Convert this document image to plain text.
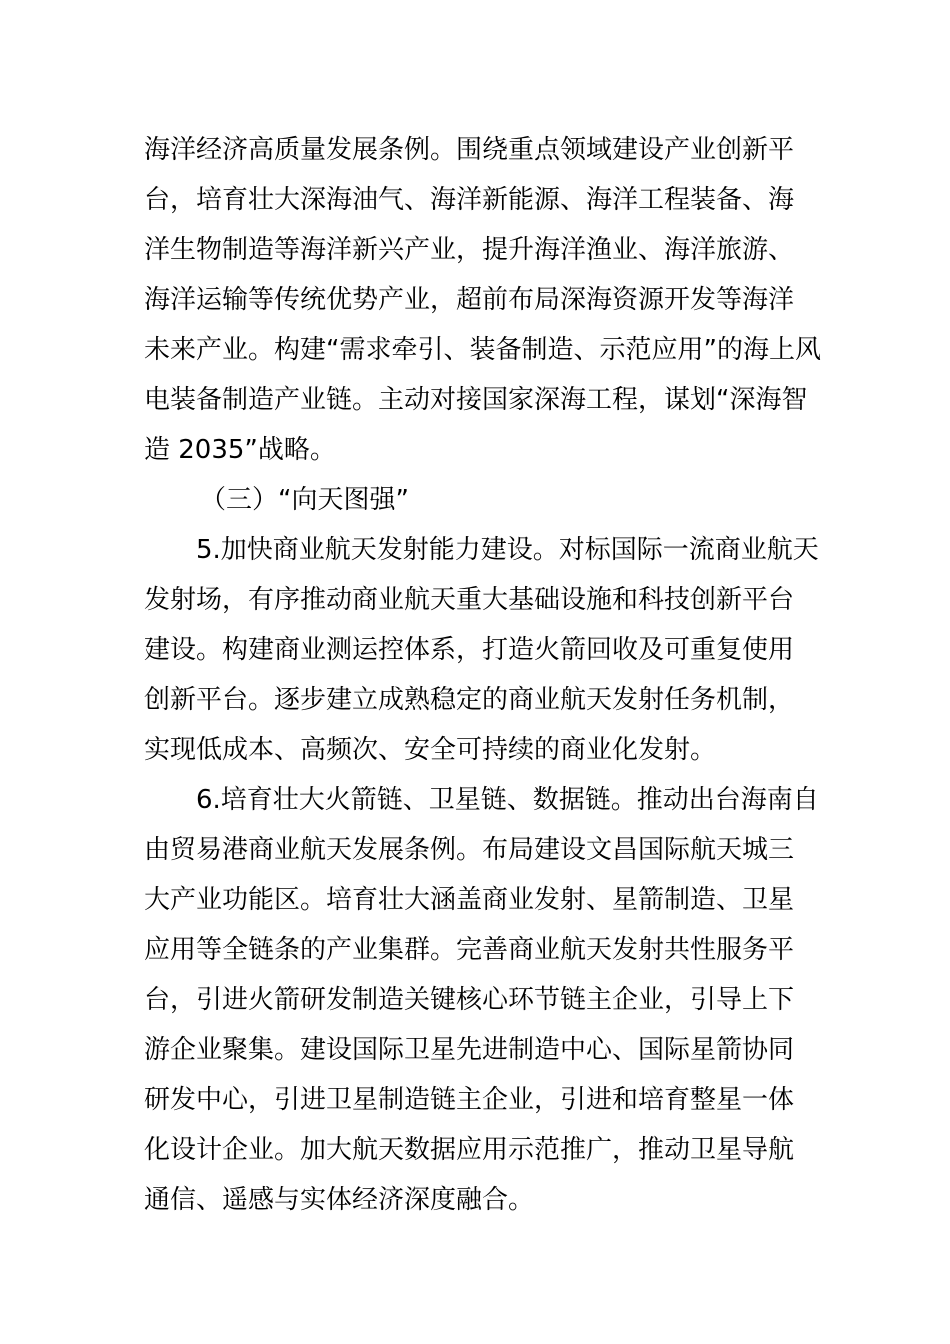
海洋经济高质量发展条例。围绕重点领域建设产业创新平
台，培育壮大深海油气、海洋新能源、海洋工程装备、海
洋生物制造等海洋新兴产业，提升海洋渔业、海洋旅游、
海洋运输等传统优势产业，超前布局深海资源开发等海洋
未来产业。构建“需求牵引、装备制造、示范应用”的海上风
电装备制造产业链。主动对接国家深海工程，谋划“深海智
造 2035”战略。
（三）“向天图强”
5.加快商业航天发射能力建设。对标国际一流商业航天
发射场，有序推动商业航天重大基础设施和科技创新平台
建设。构建商业测运控体系，打造火箭回收及可重复使用
创新平台。逐步建立成熟稳定的商业航天发射任务机制，
实现低成本、高频次、安全可持续的商业化发射。
6.培育壮大火箭链、卫星链、数据链。推动出台海南自
由贸易港商业航天发展条例。布局建设文昌国际航天城三
大产业功能区。培育壮大涵盖商业发射、星箭制造、卫星
应用等全链条的产业集群。完善商业航天发射共性服务平
台，引进火箭研发制造关键核心环节链主企业，引导上下
游企业聚集。建设国际卫星先进制造中心、国际星箭协同
研发中心，引进卫星制造链主企业，引进和培育整星一体
化设计企业。加大航天数据应用示范推广，推动卫星导航
通信、遥感与实体经济深度融合。
